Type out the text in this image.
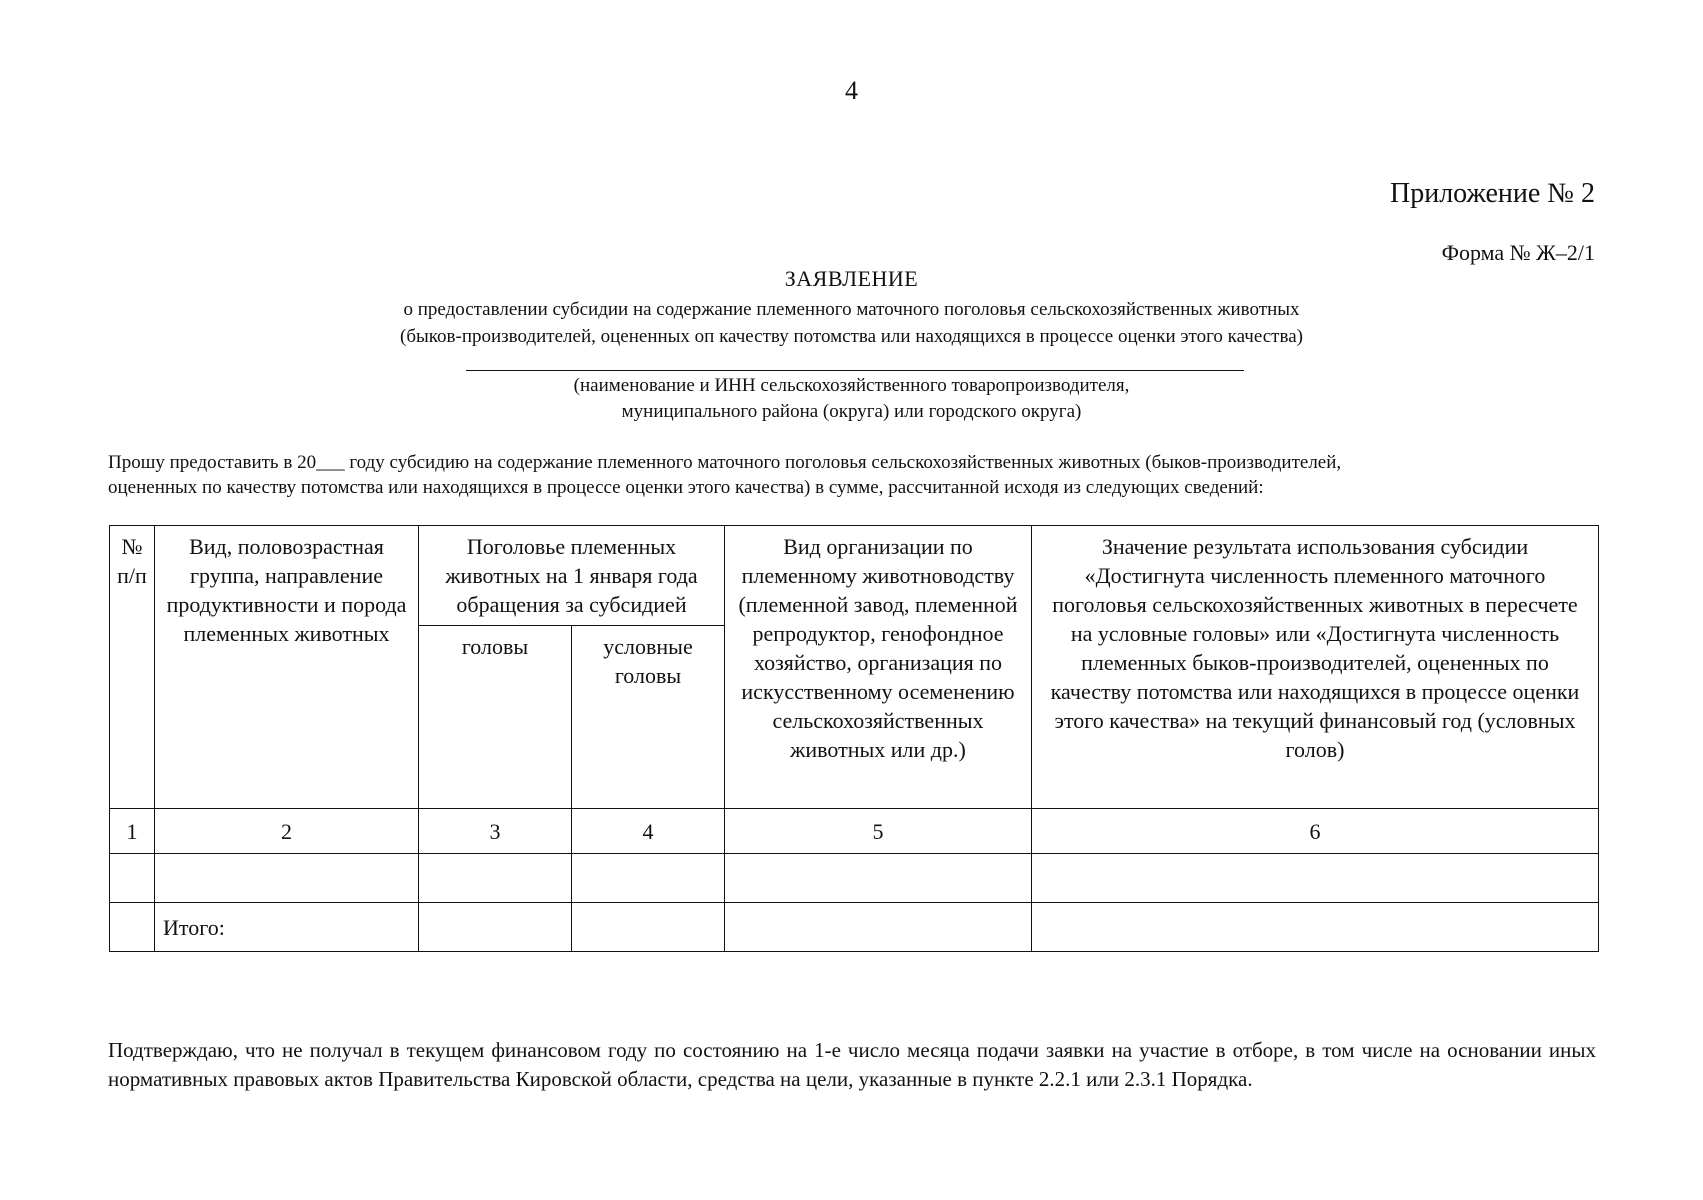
4
Приложение № 2
Форма № Ж–2/1
ЗАЯВЛЕНИЕ
о предоставлении субсидии на содержание племенного маточного поголовья сельскохозяйственных животных
(быков-производителей, оцененных оп качеству потомства или находящихся в процессе оценки этого качества)
(наименование и ИНН сельскохозяйственного товаропроизводителя,
муниципального района (округа) или городского округа)

Прошу предоставить в 20___ году субсидию на содержание племенного маточного поголовья сельскохозяйственных животных (быков-производителей,

оцененных по качеству потомства или находящихся в процессе оценки этого качества) в сумме, рассчитанной исходя из следующих сведений:

№ п/п	Вид, половозрастная группа, направление продуктивности и порода племенных животных	Поголовье племенных животных на 1 января года обращения за субсидией		Вид организации по племенному животноводству (племенной завод, племенной репродуктор, генофондное хозяйство, организация по искусственному осеменению сельскохозяйственных животных или др.)	Значение результата использования субсидии «Достигнута численность племенного маточного поголовья сельскохозяйственных животных в пересчете на условные головы» или «Достигнута численность племенных быков-производителей, оцененных по качеству потомства или находящихся в процессе оценки этого качества» на текущий финансовый год (условных голов)
		головы	условные головы		
1	2	3	4	5	6

	Итого:				
Подтверждаю, что не получал в текущем финансовом году по состоянию на 1-е число месяца подачи заявки на участие в отборе, в том числе на основании иных нормативных правовых актов Правительства Кировской области, средства на цели, указанные в пункте 2.2.1 или 2.3.1 Порядка.
